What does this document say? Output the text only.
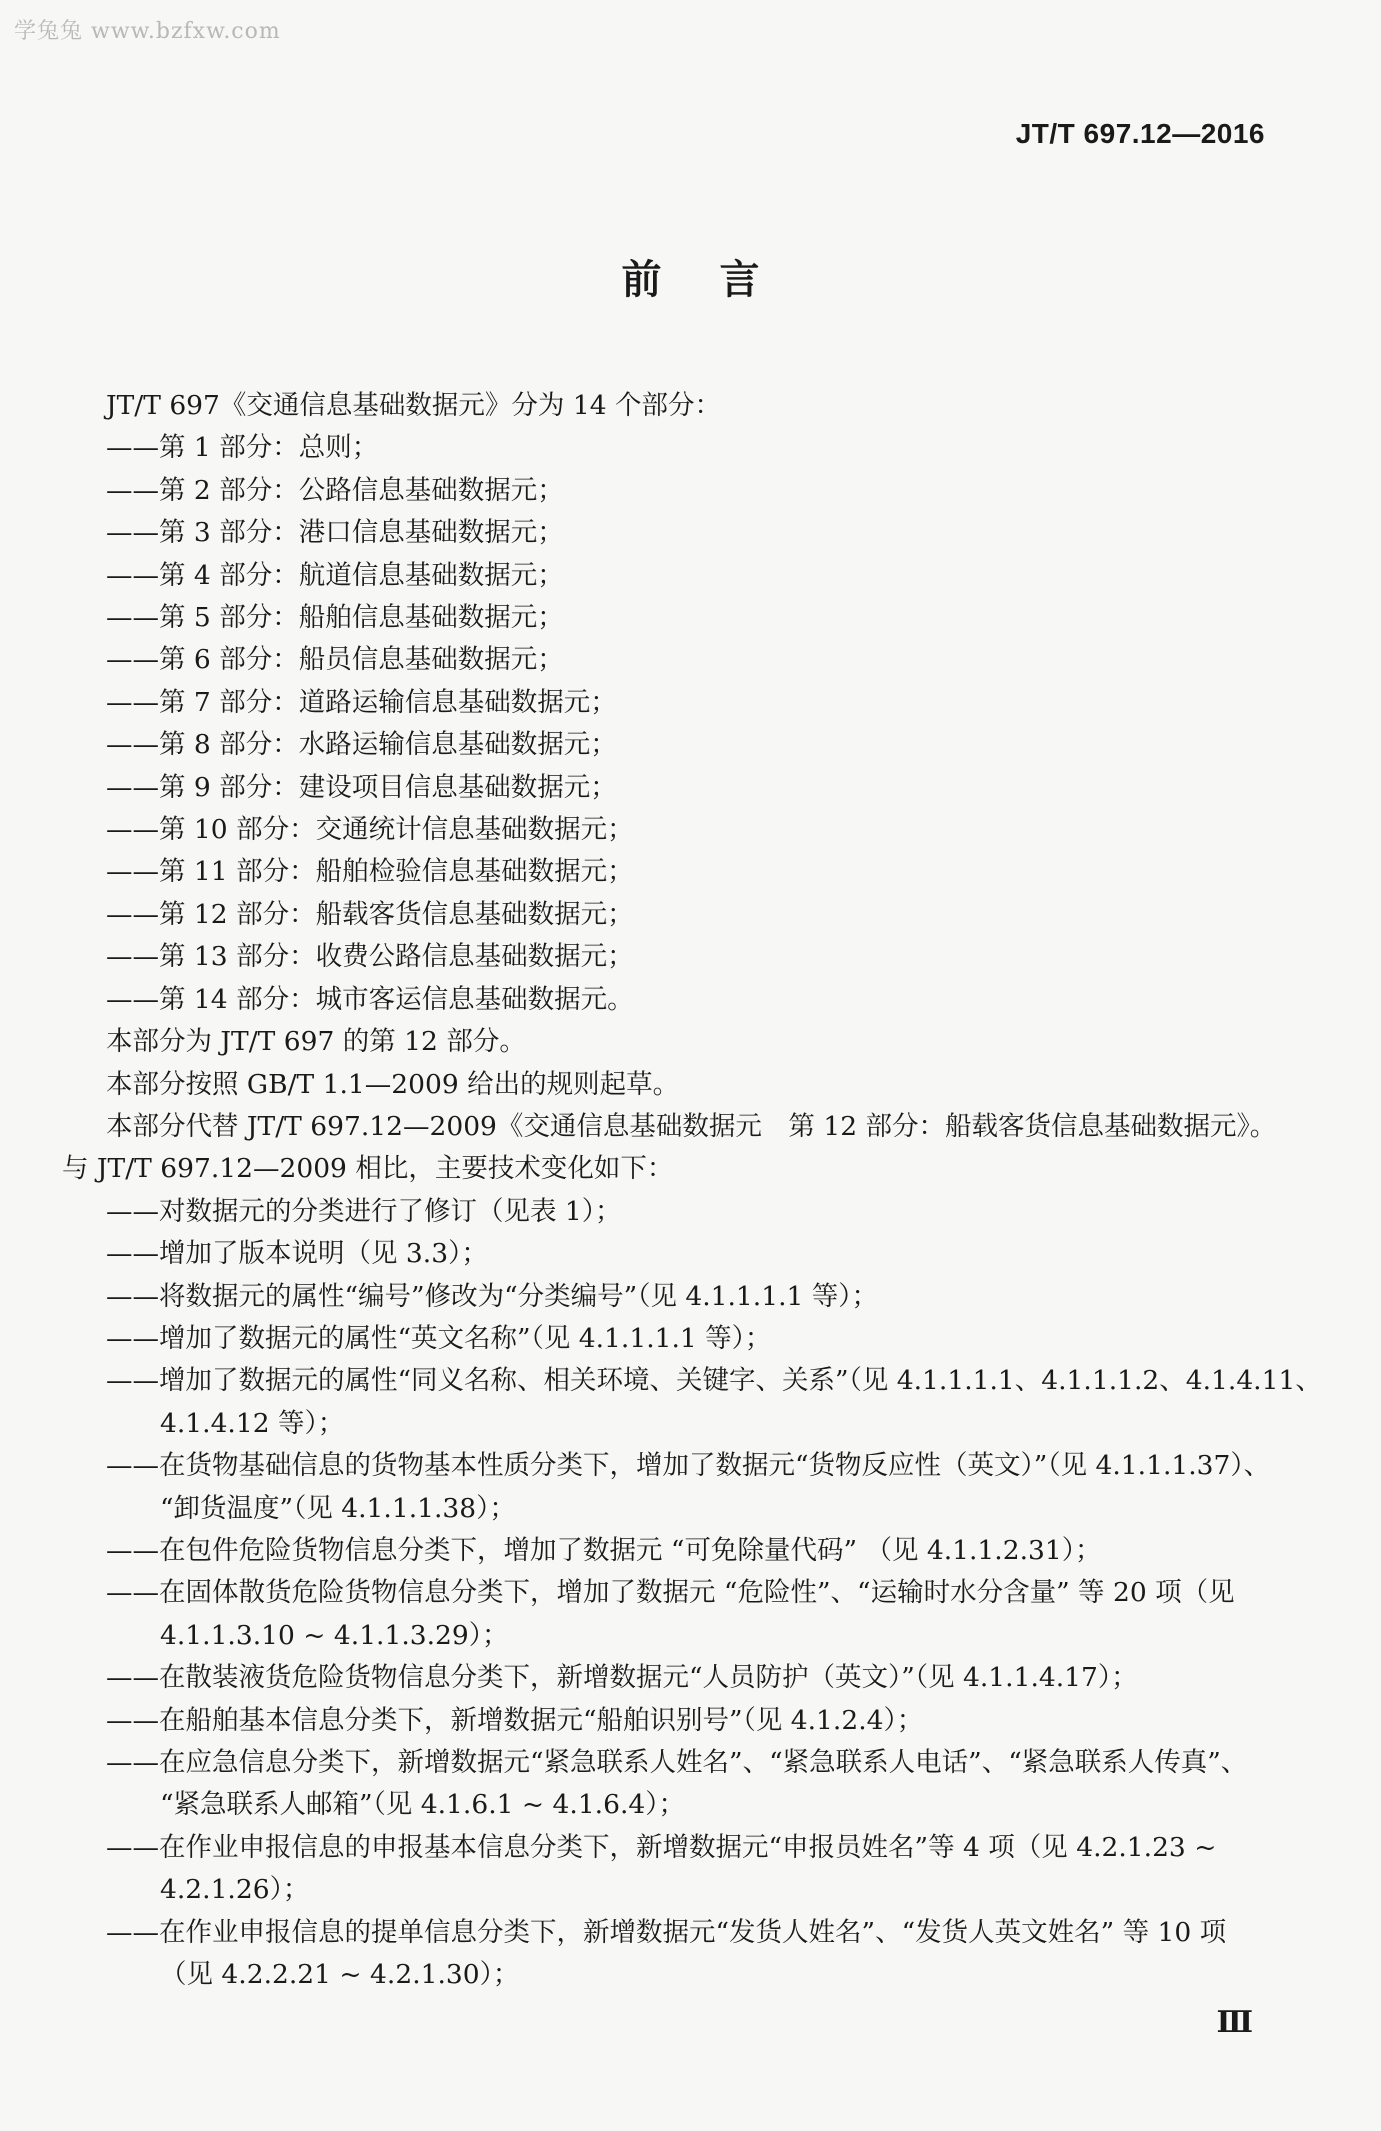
学兔兔 www.bzfxw.com
JT/T 697.12—2016
前言
JT/T 697《交通信息基础数据元》分为 14 个部分：
——第 1 部分：总则；
——第 2 部分：公路信息基础数据元；
——第 3 部分：港口信息基础数据元；
——第 4 部分：航道信息基础数据元；
——第 5 部分：船舶信息基础数据元；
——第 6 部分：船员信息基础数据元；
——第 7 部分：道路运输信息基础数据元；
——第 8 部分：水路运输信息基础数据元；
——第 9 部分：建设项目信息基础数据元；
——第 10 部分：交通统计信息基础数据元；
——第 11 部分：船舶检验信息基础数据元；
——第 12 部分：船载客货信息基础数据元；
——第 13 部分：收费公路信息基础数据元；
——第 14 部分：城市客运信息基础数据元。
本部分为 JT/T 697 的第 12 部分。
本部分按照 GB/T 1.1—2009 给出的规则起草。
本部分代替 JT/T 697.12—2009《交通信息基础数据元　第 12 部分：船载客货信息基础数据元》。
与 JT/T 697.12—2009 相比，主要技术变化如下：
——对数据元的分类进行了修订（见表 1）；
——增加了版本说明（见 3.3）；
——将数据元的属性“编号”修改为“分类编号”（见 4.1.1.1.1 等）；
——增加了数据元的属性“英文名称”（见 4.1.1.1.1 等）；
——增加了数据元的属性“同义名称、相关环境、关键字、关系”（见 4.1.1.1.1、4.1.1.1.2、4.1.4.11、
4.1.4.12 等）；
——在货物基础信息的货物基本性质分类下，增加了数据元“货物反应性（英文）”（见 4.1.1.1.37）、
“卸货温度”（见 4.1.1.1.38）；
——在包件危险货物信息分类下，增加了数据元 “可免除量代码” （见 4.1.1.2.31）；
——在固体散货危险货物信息分类下，增加了数据元 “危险性”、“运输时水分含量” 等 20 项（见
4.1.1.3.10 ~ 4.1.1.3.29）；
——在散装液货危险货物信息分类下，新增数据元“人员防护（英文）”（见 4.1.1.4.17）；
——在船舶基本信息分类下，新增数据元“船舶识别号”（见 4.1.2.4）；
——在应急信息分类下，新增数据元“紧急联系人姓名”、“紧急联系人电话”、“紧急联系人传真”、
“紧急联系人邮箱”（见 4.1.6.1 ~ 4.1.6.4）；
——在作业申报信息的申报基本信息分类下，新增数据元“申报员姓名”等 4 项（见 4.2.1.23 ~
4.2.1.26）；
——在作业申报信息的提单信息分类下，新增数据元“发货人姓名”、“发货人英文姓名” 等 10 项
（见 4.2.2.21 ~ 4.2.1.30）；
Ⅲ
